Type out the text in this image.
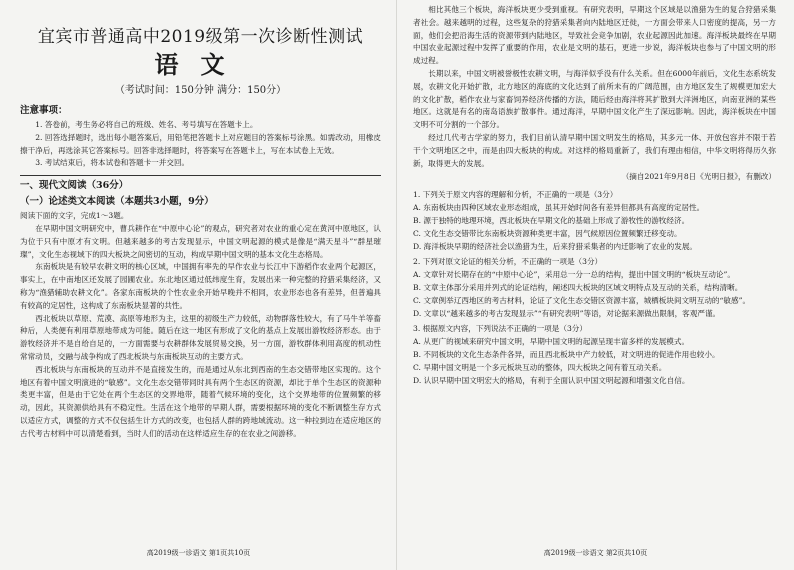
宜宾市普通高中2019级第一次诊断性测试
语文
（考试时间：150分钟 满分：150分）
注意事项：

1. 答卷前，考生务必将自己的班级、姓名、考号填写在答题卡上。

2. 回答选择题时，选出每小题答案后，用铅笔把答题卡上对应题目的答案标号涂黑。如需改动，用橡皮擦干净后，再选涂其它答案标号。回答非选择题时，将答案写在答题卡上，写在本试卷上无效。

3. 考试结束后，将本试卷和答题卡一并交回。

一、现代文阅读（36分）
（一）论述类文本阅读（本题共3小题，9分）

阅读下面的文字，完成1～3题。

在早期中国文明研究中，曹兵耕作在“中原中心论”的观点，研究者对农业的重心定在黄河中原地区，认为位于只有中原才有文明。但越来越多的考古发现显示，中国文明起源的模式是像是“满天星斗”“群星璀璨”，文化生态视域下的四大板块之间密切的互动，构成早期中国文明的基本文化生态格局。

东南板块是有较早农耕文明的核心区域，中国拥有率先的早作农业与长江中下游稻作农业两个起源区，事实上，在中南地区还发展了园圃农业。东北地区通过低纬度生育，发展出来一种完整的狩猎采集经济，又称为“渔猎辅助农耕文化”。各家东南板块的个性农业余开始早晚并不相同，农业形态也各有差异，但普遍具有较高的定居性，这构成了东南板块显著的共性。

西北板块以草原、荒漠、高原等地形为主，这里的初级生产力较低，动物群落性较大，有了马牛羊等畜种后，人类便有利用草原地带成为可能。随后在这一地区有形成了文化的基点上发展出游牧经济形态。由于游牧经济并不是自给自足的，一方面需要与农耕群体发展贸易交换，另一方面，游牧群体利用高度的机动性常常动员，交融与战争构成了西北板块与东南板块互动的主要方式。

西北板块与东南板块的互动并不是直接发生的，而是通过从东北到西南的生态交错带地区实现的。这个地区有着中国文明演进的“敏感”。文化生态交错带同时具有两个生态区的资源，却比于单个生态区的资源种类更丰富，但是由于它处在两个生态区的交界地带，随着气候环境的变化，这个交界地带的位置频繁的移动，因此，其资源供给具有不稳定性。生活在这个地带的早期人群，需要根据环境的变化不断调整生存方式以适应方式，调整的方式不仅包括生计方式的改变，也包括人群的跨地域流动。这一种拉到边在适应地区的古代考古材料中可以清楚看到，当时人们的活动在这样适应生存的在农业之间游移。

高2019级一诊语文 第1页共10页

相比其他三个板块，海洋板块更少受到重视。有研究表明，早期这个区域是以渔猎为生的复合狩猎采集者社会。越来越明的过程，这些复杂的狩猎采集者向内陆地区迁徙，一方面会带来人口密度的提高，另一方面，他们会把沿海生活的资源带到内陆地区，导致社会竞争加剧，农业起源因此加速。海洋板块最终在早期中国农业起源过程中发挥了重要的作用，农业是文明的基石，更进一步说，海洋板块也参与了中国文明的形成过程。

长期以来，中国文明被誉极性农耕文明，与海洋似乎没有什么关系。但在6000年前后，文化生态系统发展，农耕文化开始扩散，北方地区的海底的文化达到了前所未有的广阔范围，由方地区发生了规模更加宏大的文化扩散，稻作农业与家畜饲养经济传播的方法，随后经由海洋将其扩散到大洋洲地区，向南亚洲的某些地区。这就是有名的南岛语族扩散事件。通过海洋，早期中国文化产生了深远影响。因此，海洋板块在中国文明不可分割的一个部分。

经过几代考古学家的努力，我们目前认清早期中国文明发生的格局，其多元一体、开放包容并不限于若干个文明地区之中，而是由四大板块的构成。对这样的格局重新了，我们有理由相信，中华文明将得历久弥新，取得更大的发展。

（摘自2021年9月8日《光明日报》，有删改）
1. 下列关于原文内容的理解和分析，不正确的一项是（3分）

A. 东南板块由四种区域农业形态组成，虽其开始时间各有差异但都具有高度的定居性。

B. 源于独特的地理环境，西北板块在早期文化的基础上形成了游牧性的游牧经济。

C. 文化生态交错带比东南板块资源种类更丰富，因气候原因位置频繁迁移变动。

D. 海洋板块早期的经济社会以渔猎为生，后来狩猎采集者的内迁影响了农业的发展。

2. 下列对原文论证的相关分析，不正确的一项是（3分）

A. 文章针对长期存在的“中原中心论”，采用总一分一总的结构，提出中国文明的“板块互动论”。

B. 文章主体部分采用并列式的论证结构，阐述四大板块的区域文明特点及互动的关系，结构清晰。

C. 文章例举辽西地区的考古材料，论证了文化生态交错区资源丰富，城栖板块间文明互动的“敏感”。

D. 文章以“越来越多的考古发现显示”“有研究表明”等语，对论据来源做出限制，客观严谨。

3. 根据原文内容，下列说法不正确的一项是（3分）

A. 从更广的视域来研究中国文明，早期中国文明的起源呈现丰富多样的发展模式。

B. 不同板块的文化生态条件各异，而且西北板块中产力较低，对文明进的促进作用也较小。

C. 早期中国文明是一个多元板块互动的整体，四大板块之间有着互动关系。

D. 认识早期中国文明宏大的格局，有利于全面认识中国文明起源和增强文化自信。

高2019级一诊语文 第2页共10页
